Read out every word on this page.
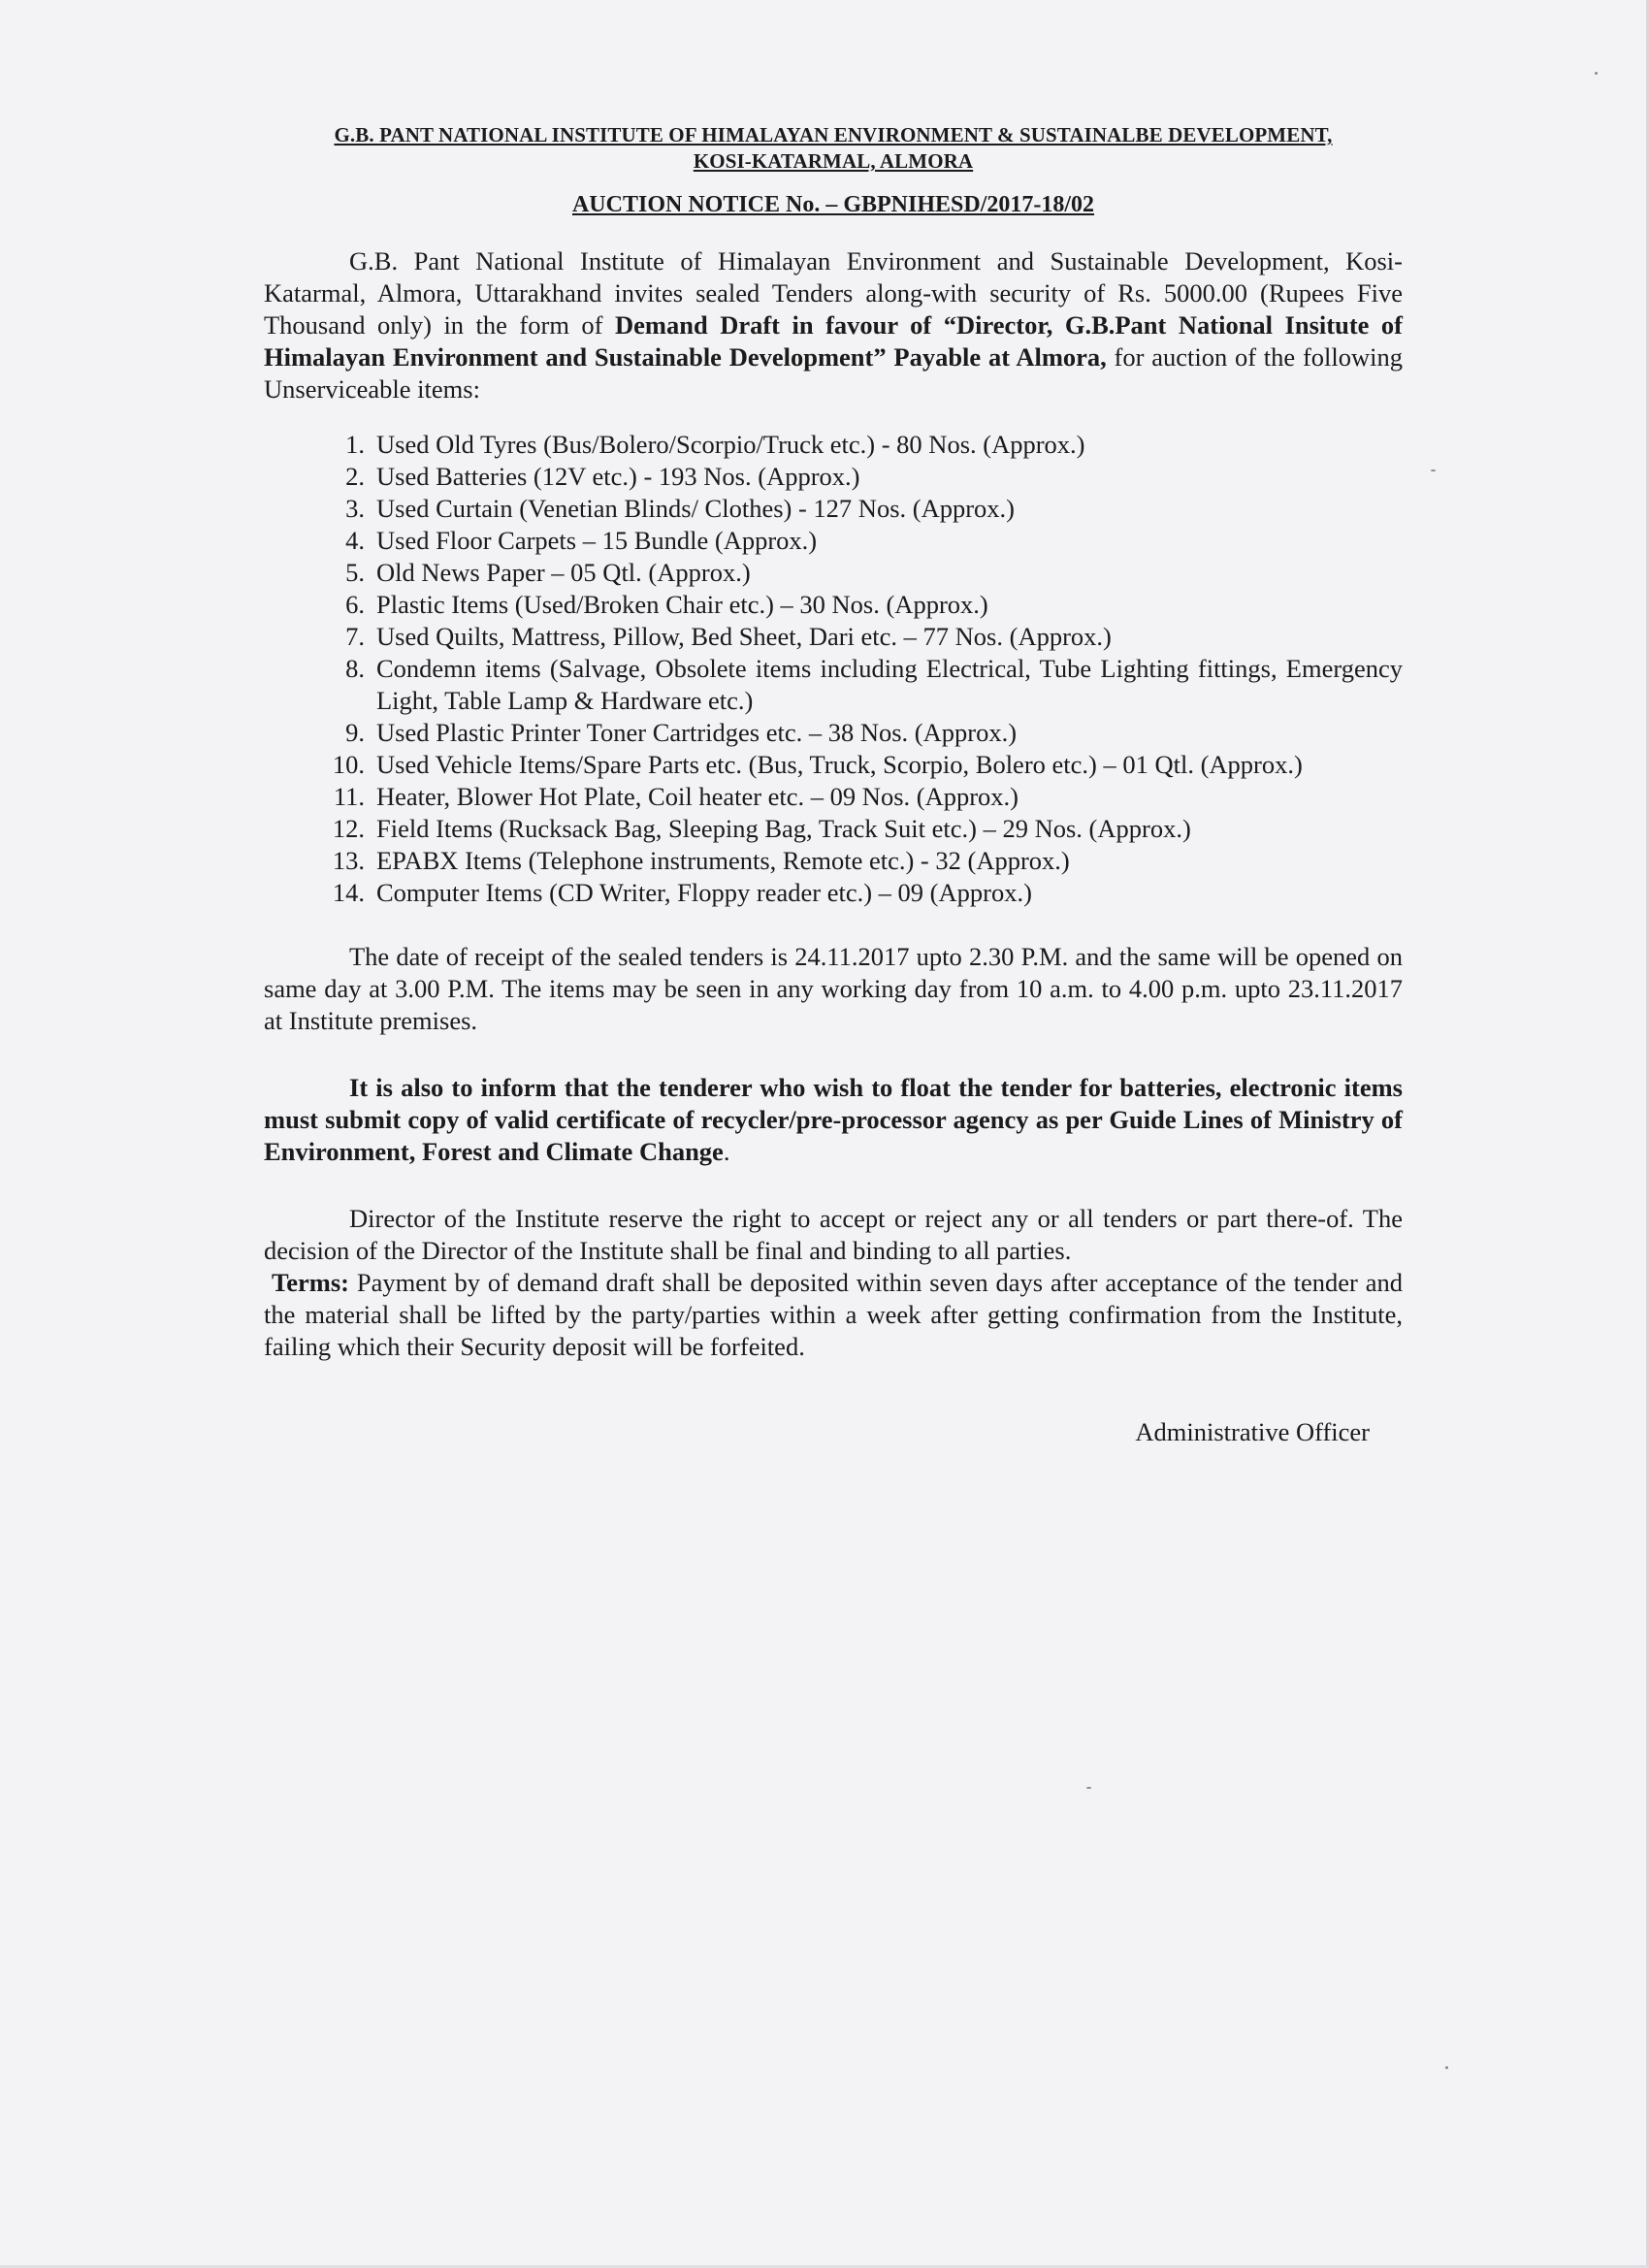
G.B. PANT NATIONAL INSTITUTE OF HIMALAYAN ENVIRONMENT & SUSTAINALBE DEVELOPMENT,
KOSI-KATARMAL, ALMORA
AUCTION NOTICE No. – GBPNIHESD/2017-18/02

G.B. Pant National Institute of Himalayan Environment and Sustainable Development, Kosi-Katarmal, Almora, Uttarakhand invites sealed Tenders along-with security of Rs. 5000.00 (Rupees Five Thousand only) in the form of Demand Draft in favour of “Director, G.B.Pant National Insitute of Himalayan Environment and Sustainable Development” Payable at Almora, for auction of the following Unserviceable items:

1. Used Old Tyres (Bus/Bolero/Scorpio/Truck etc.) - 80 Nos. (Approx.)
2. Used Batteries (12V etc.) - 193 Nos. (Approx.)
3. Used Curtain (Venetian Blinds/ Clothes) - 127 Nos. (Approx.)
4. Used Floor Carpets – 15 Bundle (Approx.)
5. Old News Paper – 05 Qtl. (Approx.)
6. Plastic Items (Used/Broken Chair etc.) – 30 Nos. (Approx.)
7. Used Quilts, Mattress, Pillow, Bed Sheet, Dari etc. – 77 Nos. (Approx.)
8. Condemn items (Salvage, Obsolete items including Electrical, Tube Lighting fittings, Emergency Light, Table Lamp & Hardware etc.)
9. Used Plastic Printer Toner Cartridges etc. – 38 Nos. (Approx.)
10. Used Vehicle Items/Spare Parts etc. (Bus, Truck, Scorpio, Bolero etc.) – 01 Qtl. (Approx.)
11. Heater, Blower Hot Plate, Coil heater etc. – 09 Nos. (Approx.)
12. Field Items (Rucksack Bag, Sleeping Bag, Track Suit etc.) – 29 Nos. (Approx.)
13. EPABX Items (Telephone instruments, Remote etc.) - 32 (Approx.)
14. Computer Items (CD Writer, Floppy reader etc.) – 09 (Approx.)

The date of receipt of the sealed tenders is 24.11.2017 upto 2.30 P.M. and the same will be opened on same day at 3.00 P.M. The items may be seen in any working day from 10 a.m. to 4.00 p.m. upto 23.11.2017 at Institute premises.

It is also to inform that the tenderer who wish to float the tender for batteries, electronic items must submit copy of valid certificate of recycler/pre-processor agency as per Guide Lines of Ministry of Environment, Forest and Climate Change.

Director of the Institute reserve the right to accept or reject any or all tenders or part there-of. The decision of the Director of the Institute shall be final and binding to all parties.

Terms: Payment by of demand draft shall be deposited within seven days after acceptance of the tender and the material shall be lifted by the party/parties within a week after getting confirmation from the Institute, failing which their Security deposit will be forfeited.

Administrative Officer
